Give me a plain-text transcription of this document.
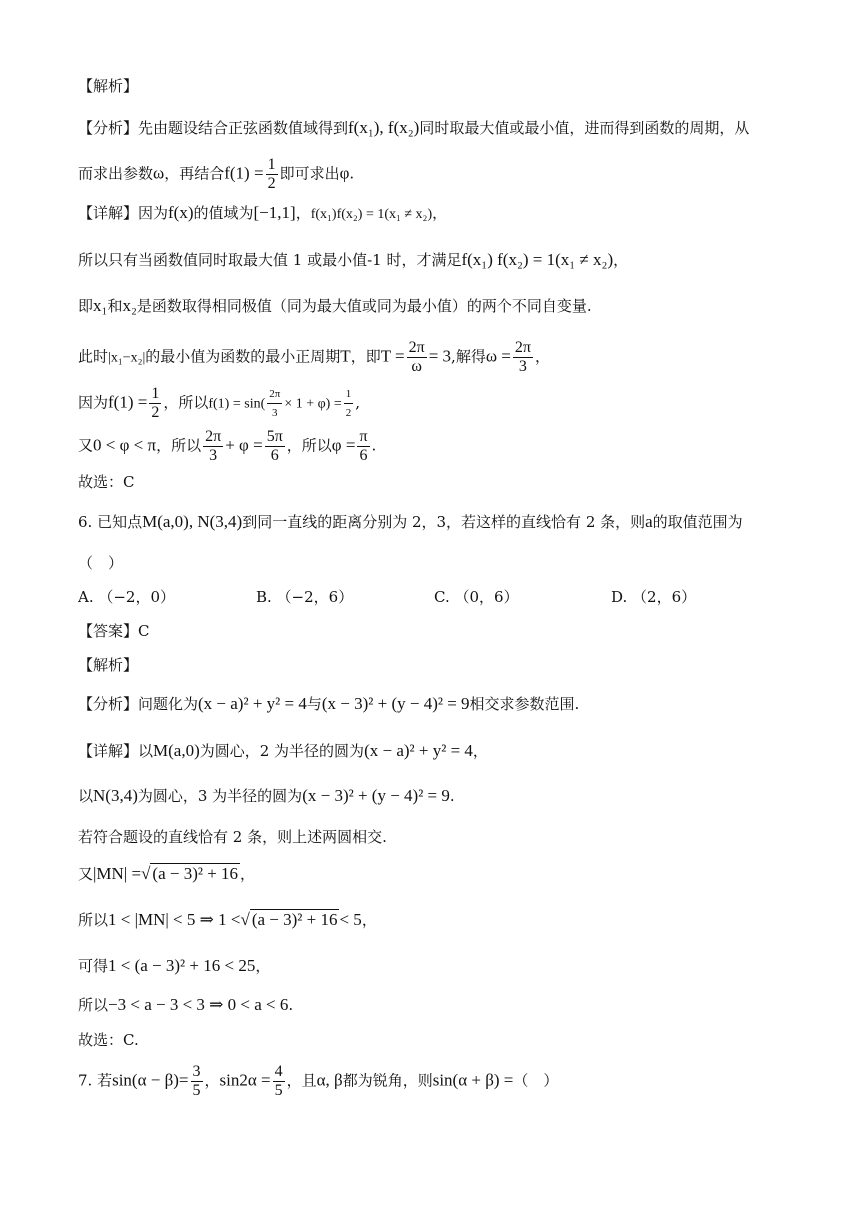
【解析】
【分析】先由题设结合正弦函数值域得到f(x₁), f(x₂)同时取最大值或最小值，进而得到函数的周期，从
而求出参数ω，再结合$f(1) = \frac{1}{2}$ 即可求出φ.
【详解】因为f(x)的值域为[−1,1]，f(x₁)f(x₂) = 1(x₁ ≠ x₂)，
所以只有当函数值同时取最大值 1 或最小值-1 时，才满足f(x₁) f(x₂) = 1(x₁ ≠ x₂)，
即x₁和x₂是函数取得相同极值（同为最大值或同为最小值）的两个不同自变量.
此时|x₁−x₂|的最小值为函数的最小正周期T，即$T = \frac{2\pi}{\omega} = 3$,解得$\omega = \frac{2\pi}{3}$ ，
因为$f(1) = \frac{1}{2}$ ，所以$f(1) = \sin( \frac{2\pi}{3} \times 1 + \varphi) = \frac{1}{2}$ ,
又0 < φ < π，所以 $\frac{2\pi}{3} + \varphi = \frac{5\pi}{6}$ ，所以$\varphi = \frac{\pi}{6}$ .
故选：C
6. 已知点M(a,0), N(3,4)到同一直线的距离分别为 2，3，若这样的直线恰有 2 条，则a的取值范围为
（　）
A. （−2，0）	B. （−2，6）	C. （0，6）	D. （2，6）
【答案】C
【解析】
【分析】问题化为(x − a)² + y² = 4与(x − 3)² + (y − 4)² = 9相交求参数范围.
【详解】以M(a,0)为圆心，2 为半径的圆为(x − a)² + y² = 4，
以N(3,4)为圆心，3 为半径的圆为(x − 3)² + (y − 4)² = 9.
若符合题设的直线恰有 2 条，则上述两圆相交.
又|MN| =√ (a − 3)² + 16 ，
所以1 < |MN| < 5 ⇒ 1 <√ (a − 3)² + 16 < 5，
可得1 < (a − 3)² + 16 < 25，
所以−3 < a − 3 < 3 ⇒ 0 < a < 6.
故选：C.
7. 若$\sin(\alpha - \beta)= \frac{3}{5}$ ，$\sin 2\alpha = \frac{4}{5}$ ，且α, β都为锐角，则sin(α + β) =（　）
